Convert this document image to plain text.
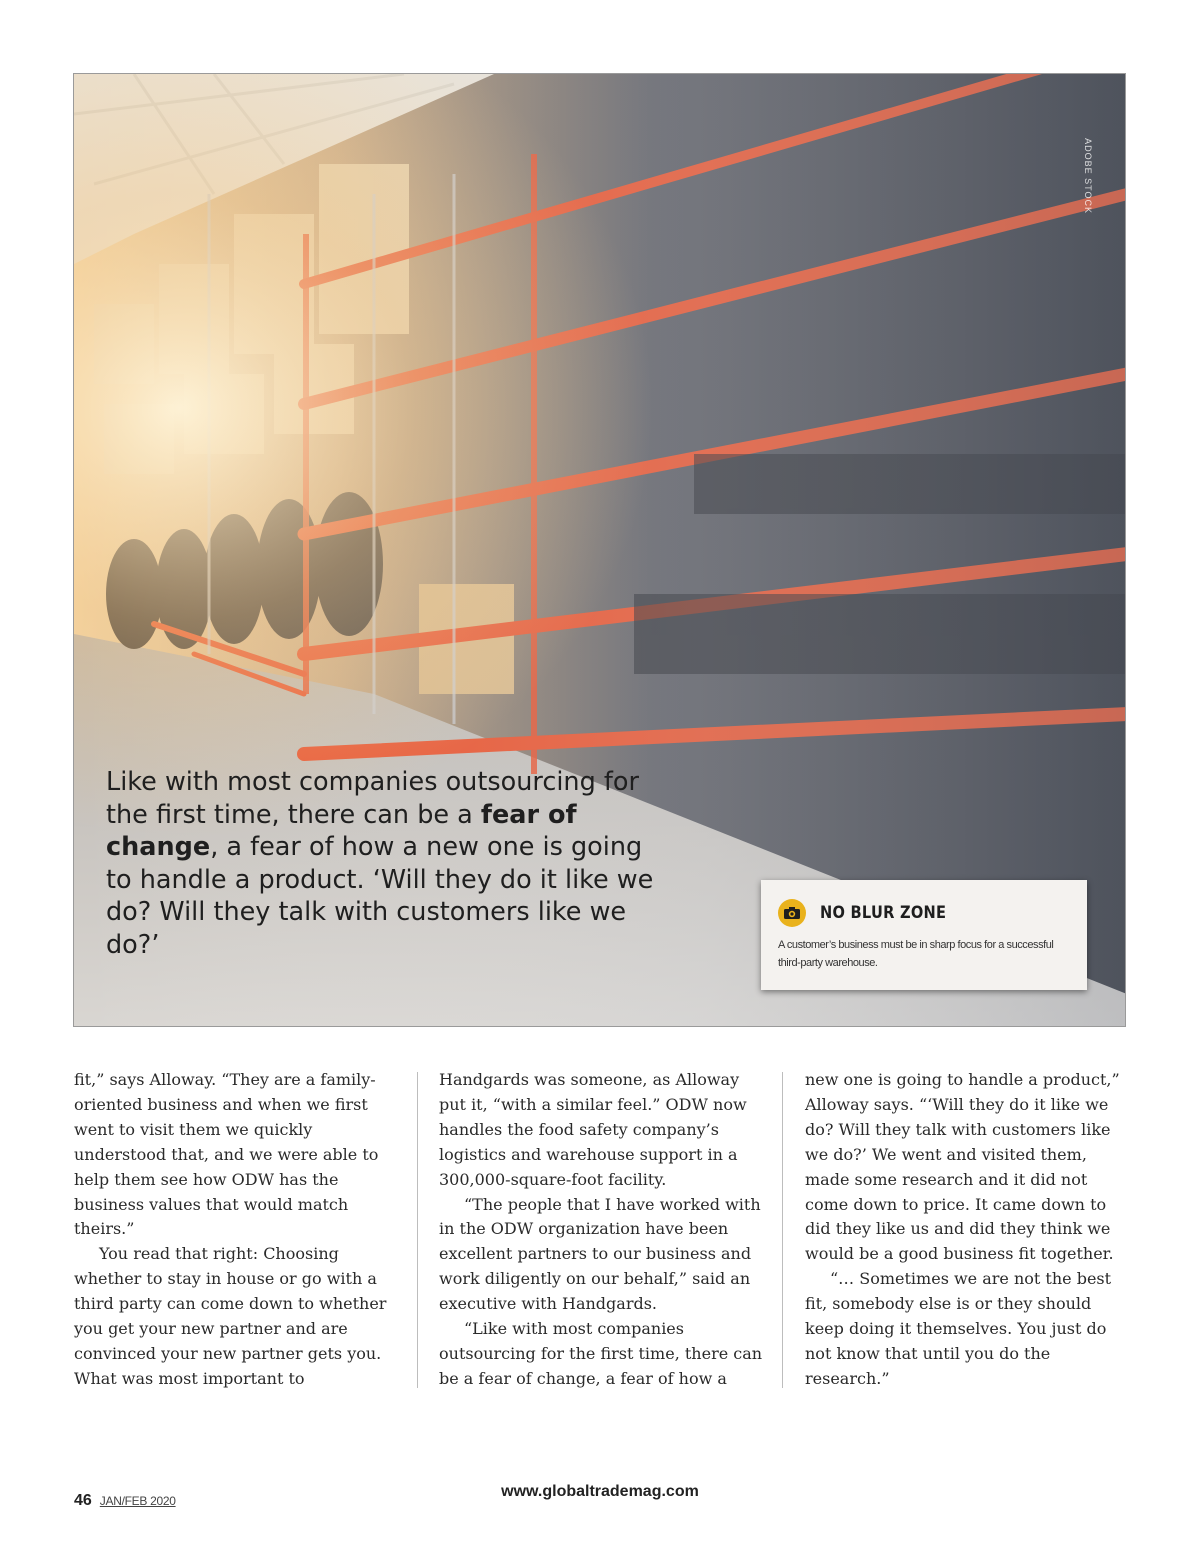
ADOBE STOCK
Like with most companies outsourcing for the first time, there can be a fear of change, a fear of how a new one is going to handle a product. ‘Will they do it like we do? Will they talk with customers like we do?’
NO BLUR ZONE
A customer’s business must be in sharp focus for a successful third-party warehouse.

fit,” says Alloway. “They are a family-oriented business and when we first went to visit them we quickly understood that, and we were able to help them see how ODW has the business values that would match theirs.”

You read that right: Choosing whether to stay in house or go with a third party can come down to whether you get your new partner and are convinced your new partner gets you. What was most important to

Handgards was someone, as Alloway put it, “with a similar feel.” ODW now handles the food safety company’s logistics and warehouse support in a 300,000-square-foot facility.

“The people that I have worked with in the ODW organization have been excellent partners to our business and work diligently on our behalf,” said an executive with Handgards.

“Like with most companies outsourcing for the first time, there can be a fear of change, a fear of how a

new one is going to handle a product,” Alloway says. “‘Will they do it like we do? Will they talk with customers like we do?’ We went and visited them, made some research and it did not come down to price. It came down to did they like us and did they think we would be a good business fit together.

“… Sometimes we are not the best fit, somebody else is or they should keep doing it themselves. You just do not know that until you do the research.”

46 JAN/FEB 2020
www.globaltrademag.com
